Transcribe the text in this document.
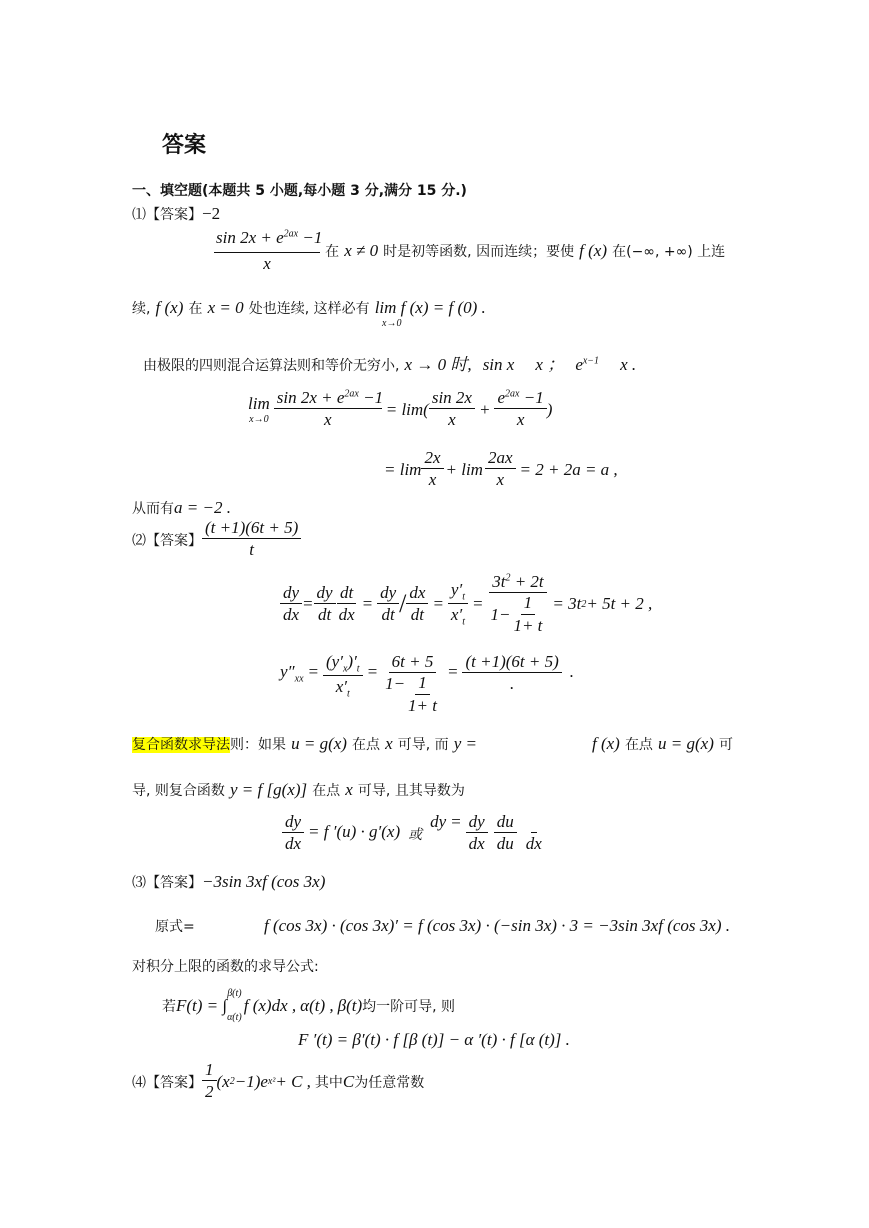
答案
一、填空题(本题共 5 小题,每小题 3 分,满分 15 分.)
⑴【答案】−2
$\frac{\sin 2x + e^{2ax} -1}{x}$ 在 x ≠ 0 时是初等函数, 因而连续；要使 f (x) 在(−∞, +∞) 上连
续, f (x) 在 x = 0 处也连续, 这样必有 lim f (x) = f (0) .
x→0
由极限的四则混合运算法则和等价无穷小, x → 0 时, sin x x ； $e^{x-1}$ x .
lim
$x\to 0 \frac{\sin 2x + e^{2ax} -1}{x} = \lim$(
sin 2x
x
+ $\frac{e^{2ax} -1}{x}$ )
= lim
2x
x
+ $\lim \frac{2ax}{x} = 2 + 2a = a$ ,
从而有a = −2 .
⑵ 【答案】
(t +1)(6t + 5)
t
$\frac{dy}{dx} = \frac{dy}{dt} \frac{dt}{dx} = \frac{dy}{dt} / \frac{dx}{dt} = \frac{y'_t}{x'_t} = \frac{3t^2 + 2t}{1- \frac{1}{1+ t}} = 3t$ 2 + 5t + 2 ,
$y''_{xx} = \frac{(y'_x)'_t}{x'_t} = \frac{6t + 5}{1- \frac{1}{1+ t}}$ =
(t +1)(6t + 5)
.
.
复合函数求导法则：如果 u = g(x) 在点 x 可导, 而 y =	f (x) 在点 u = g(x) 可
导, 则复合函数 y = f [g(x)] 在点 x 可导, 且其导数为
$\frac{dy}{dx} = f$ ′(u) · g′(x) 或
dy = $\frac{dy}{dx}$ du
du dx
⑶【答案】−3sin 3xf (cos 3x)
原式=	f (cos 3x) · (cos 3x)′ = f (cos 3x) · (−sin 3x) · 3 = −3sin 3xf (cos 3x) .
对积分上限的函数的求导公式:
若 F(t) = ∫
β(t)
α(t)
f (x)dx , α(t) , β(t) 均一阶可导, 则
F ′(t) = β′(t) · f [β (t)] − α ′(t) · f [α (t)] .
⑷ 【答案】
1
2
(x 2 −1)e x² + C , 其中 C 为任意常数
